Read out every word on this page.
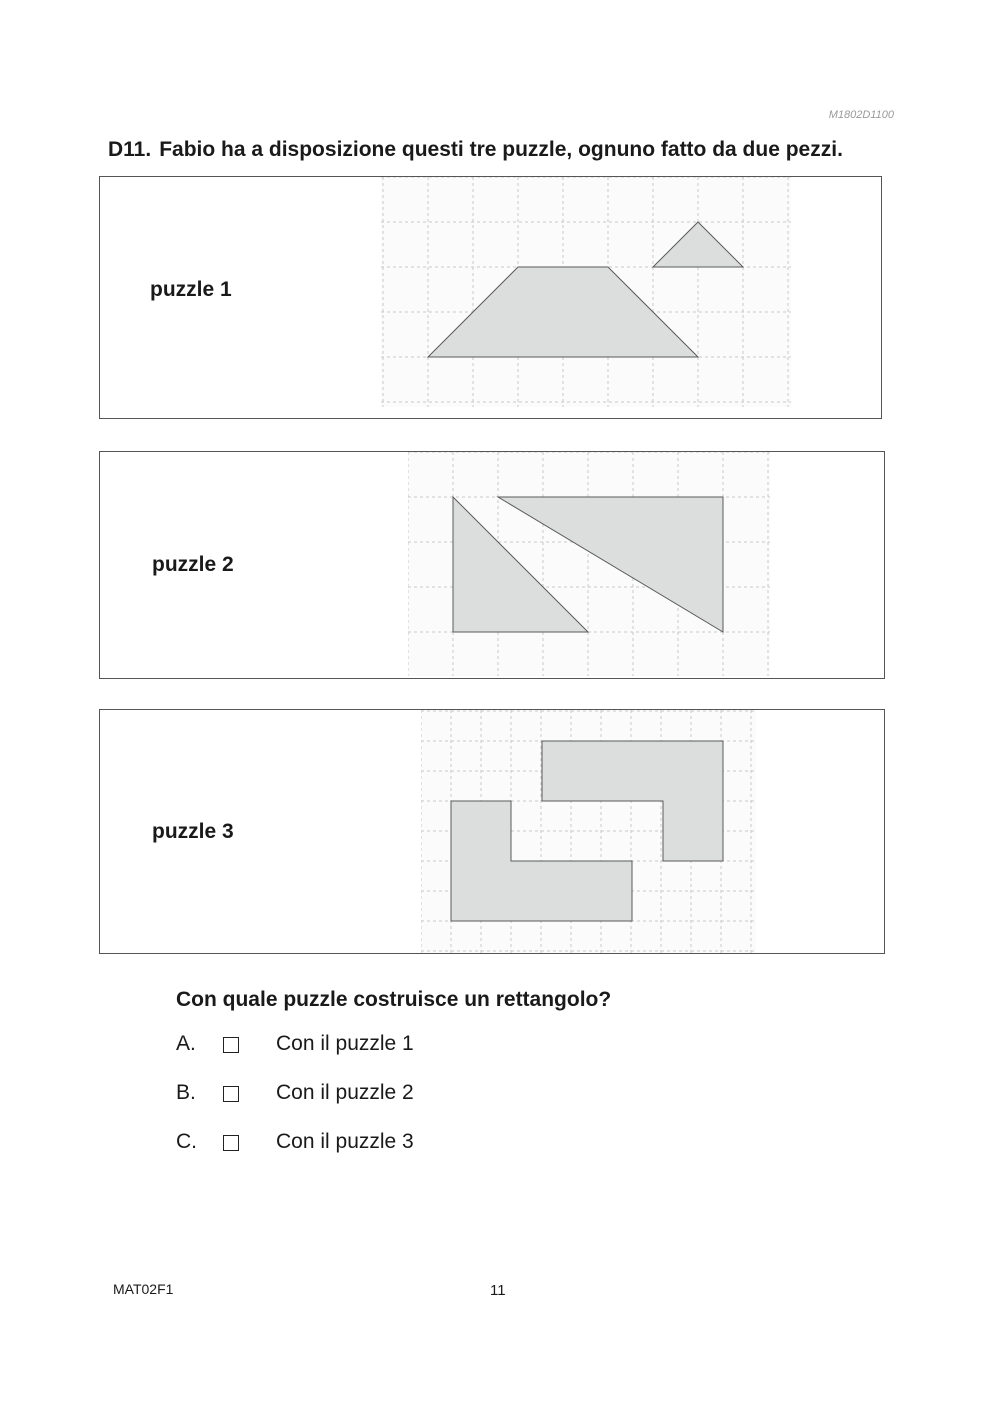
M1802D1100
D11. Fabio ha a disposizione questi tre puzzle, ognuno fatto da due pezzi.
puzzle 1
puzzle 2
puzzle 3
Con quale puzzle costruisce un rettangolo?
A.	Con il puzzle 1
B.	Con il puzzle 2
C.	Con il puzzle 3
MAT02F1	11
